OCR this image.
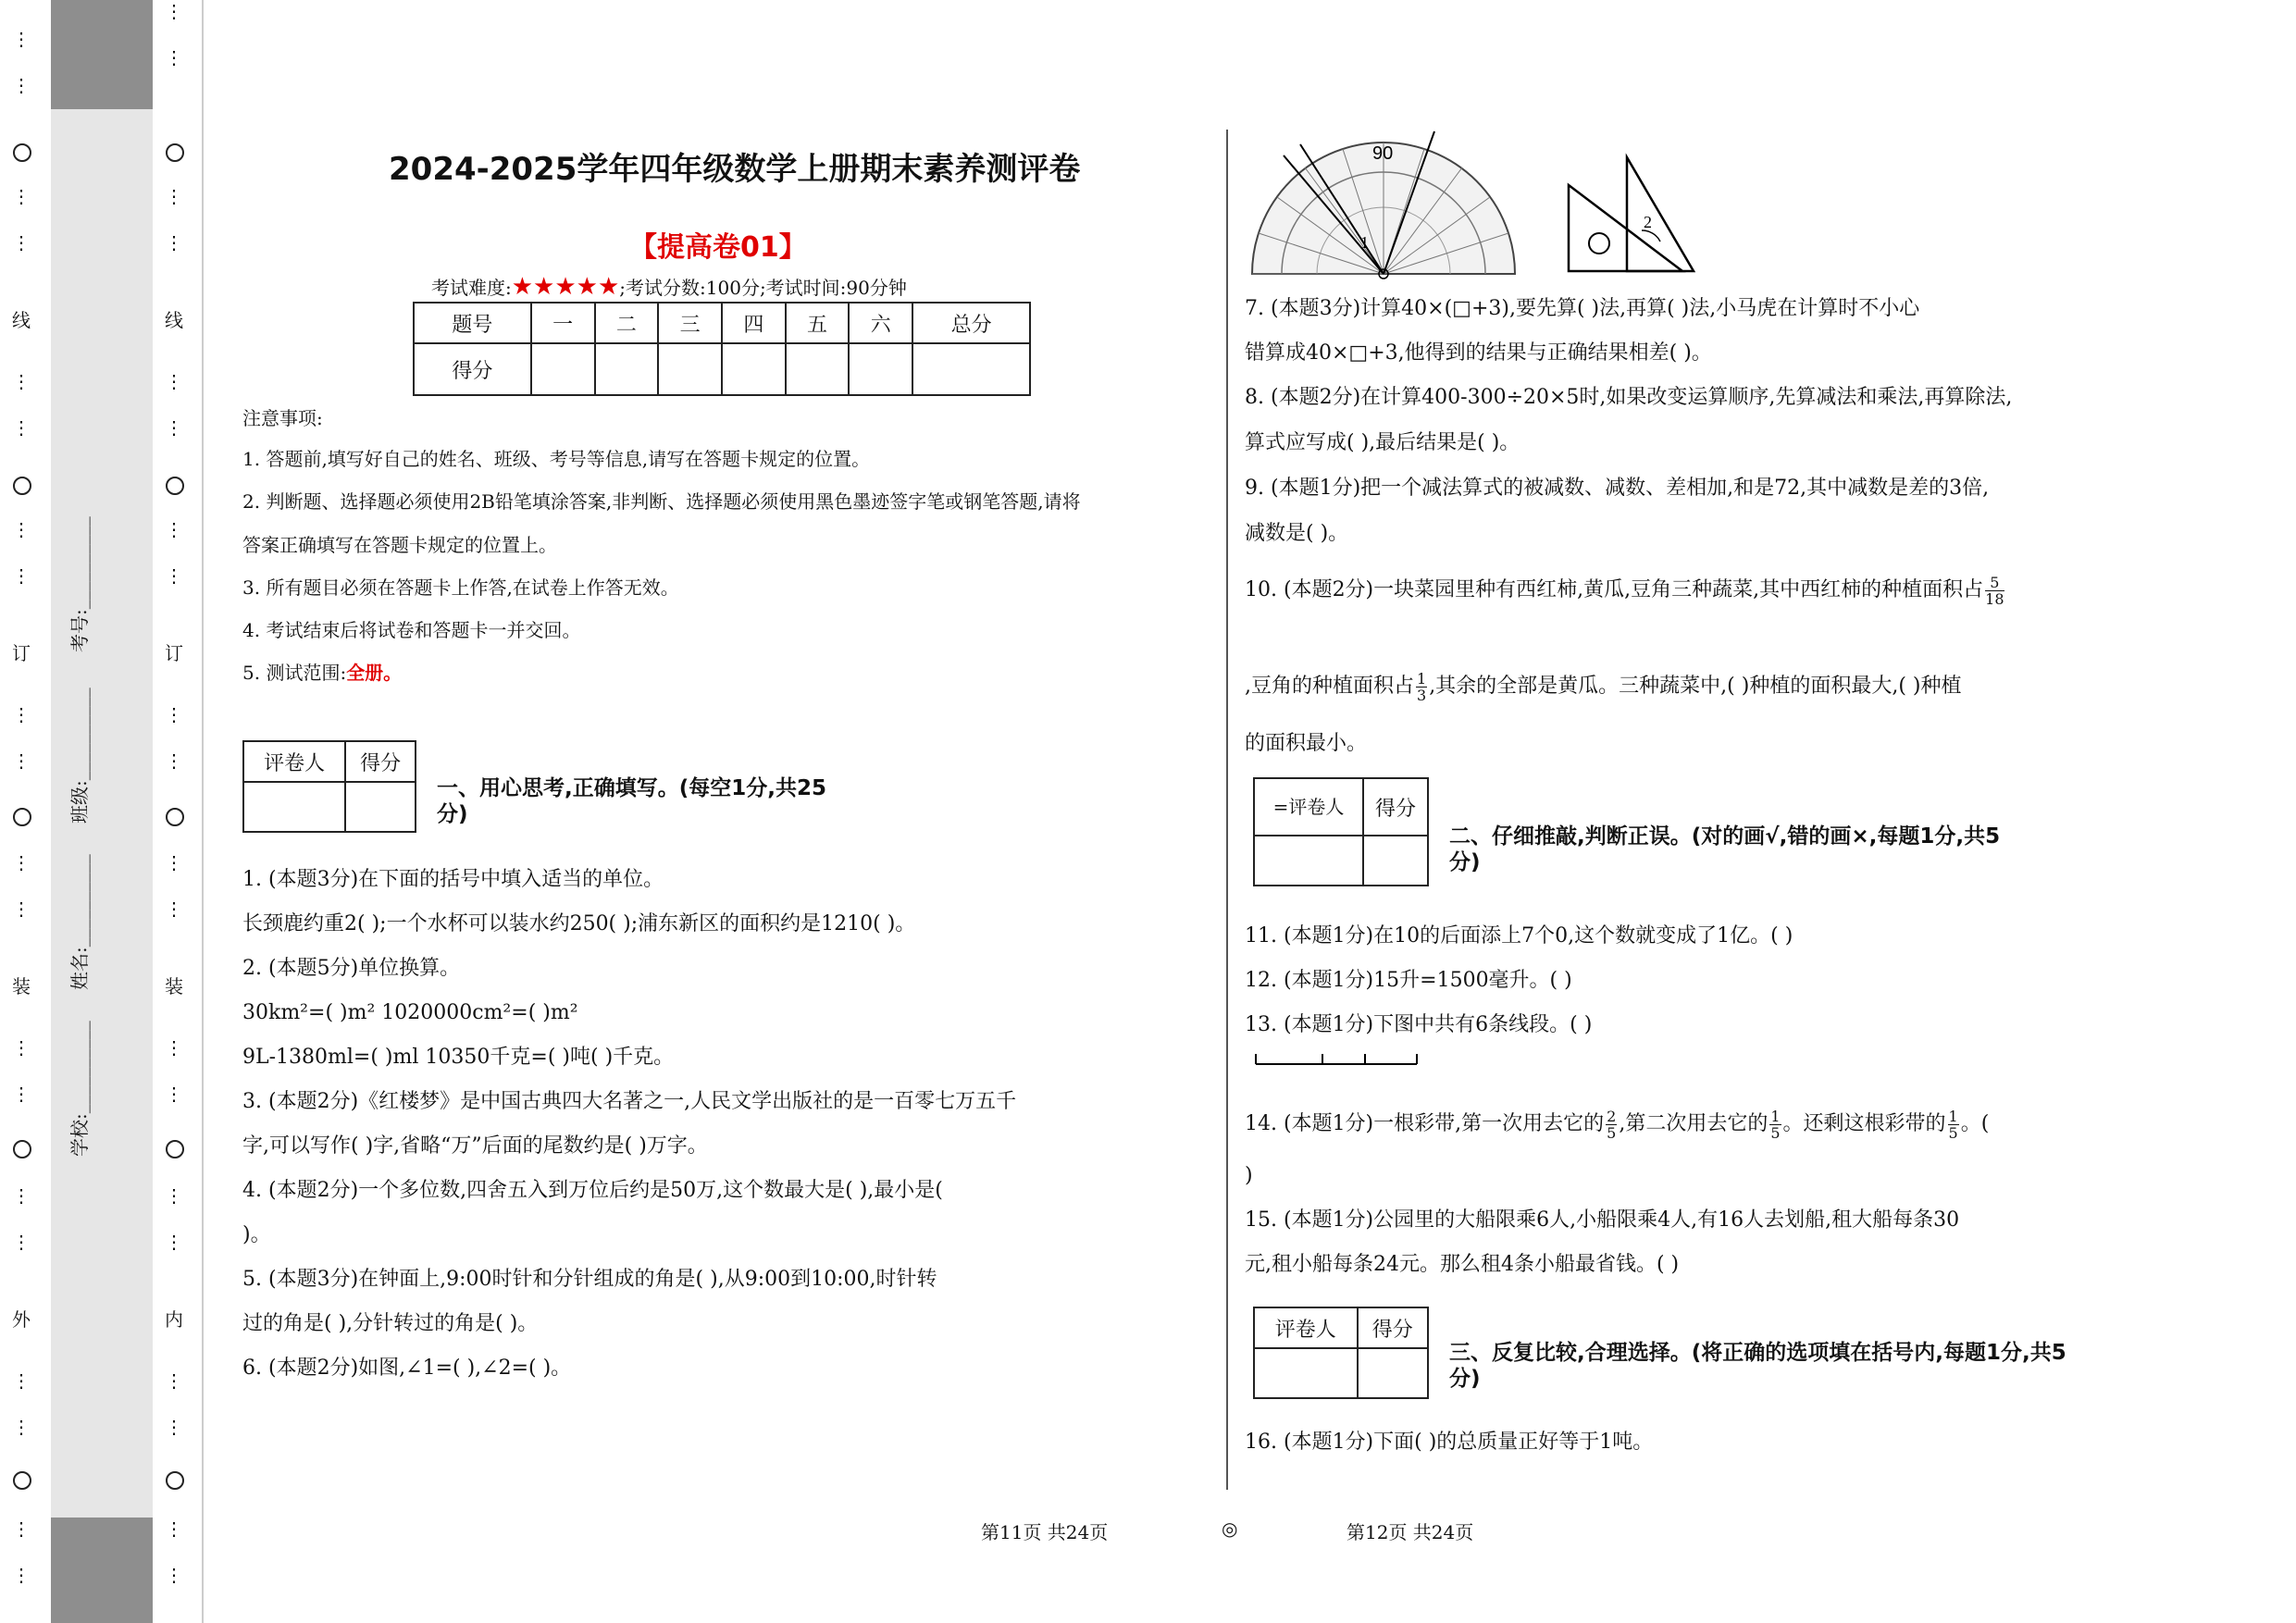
⋮
⋮
⋮
⋮
线
⋮
⋮
⋮
⋮
订
⋮
⋮
⋮
⋮
装
⋮
⋮
⋮
⋮
外
⋮
⋮
⋮
⋮
学校:__________
姓名:__________
班级:__________
考号:__________
⋮
⋮
⋮
⋮
线
⋮
⋮
⋮
⋮
订
⋮
⋮
⋮
⋮
装
⋮
⋮
⋮
⋮
内
⋮
⋮
⋮
⋮
2024-2025学年四年级数学上册期末素养测评卷
【提高卷01】
考试难度:★★★★★;考试分数:100分;考试时间:90分钟
题号	一	二	三	四	五	六	总分
得分							
注意事项:
1. 答题前,填写好自己的姓名、班级、考号等信息,请写在答题卡规定的位置。
2. 判断题、选择题必须使用2B铅笔填涂答案,非判断、选择题必须使用黑色墨迹签字笔或钢笔答题,请将
答案正确填写在答题卡规定的位置上。
3. 所有题目必须在答题卡上作答,在试卷上作答无效。
4. 考试结束后将试卷和答题卡一并交回。
5. 测试范围:全册。
评卷人	得分

一、用心思考,正确填写。(每空1分,共25
分)
1. (本题3分)在下面的括号中填入适当的单位。
长颈鹿约重2( );一个水杯可以装水约250( );浦东新区的面积约是1210( )。
2. (本题5分)单位换算。
30km²=( )m² 1020000cm²=( )m²
9L-1380ml=( )ml 10350千克=( )吨( )千克。
3. (本题2分)《红楼梦》是中国古典四大名著之一,人民文学出版社的是一百零七万五千
字,可以写作( )字,省略“万”后面的尾数约是( )万字。
4. (本题2分)一个多位数,四舍五入到万位后约是50万,这个数最大是( ),最小是(
)。
5. (本题3分)在钟面上,9:00时针和分针组成的角是( ),从9:00到10:00,时针转
过的角是( ),分针转过的角是( )。
6. (本题2分)如图,∠1=( ),∠2=( )。
90
1
2
7. (本题3分)计算40×(□+3),要先算( )法,再算( )法,小马虎在计算时不小心
错算成40×□+3,他得到的结果与正确结果相差( )。
8. (本题2分)在计算400-300÷20×5时,如果改变运算顺序,先算减法和乘法,再算除法,
算式应写成( ),最后结果是( )。
9. (本题1分)把一个减法算式的被减数、减数、差相加,和是72,其中减数是差的3倍,
减数是( )。
10. (本题2分)一块菜园里种有西红柿,黄瓜,豆角三种蔬菜,其中西红柿的种植面积占 $\frac{5}{18}$
,豆角的种植面积占 $\frac{1}{3}$ ,其余的全部是黄瓜。三种蔬菜中,( )种植的面积最大,( )种植
的面积最小。
=评卷人	得分

二、仔细推敲,判断正误。(对的画√,错的画×,每题1分,共5
分)
11. (本题1分)在10的后面添上7个0,这个数就变成了1亿。( )
12. (本题1分)15升=1500毫升。( )
13. (本题1分)下图中共有6条线段。( )
14. (本题1分)一根彩带,第一次用去它的 $\frac{2}{5}$ ,第二次用去它的 $\frac{1}{5}$ 。还剩这根彩带的 $\frac{1}{5}$ 。(
)
15. (本题1分)公园里的大船限乘6人,小船限乘4人,有16人去划船,租大船每条30
元,租小船每条24元。那么租4条小船最省钱。( )
评卷人	得分

三、反复比较,合理选择。(将正确的选项填在括号内,每题1分,共5
分)
16. (本题1分)下面( )的总质量正好等于1吨。
第11页 共24页	◎	第12页 共24页
